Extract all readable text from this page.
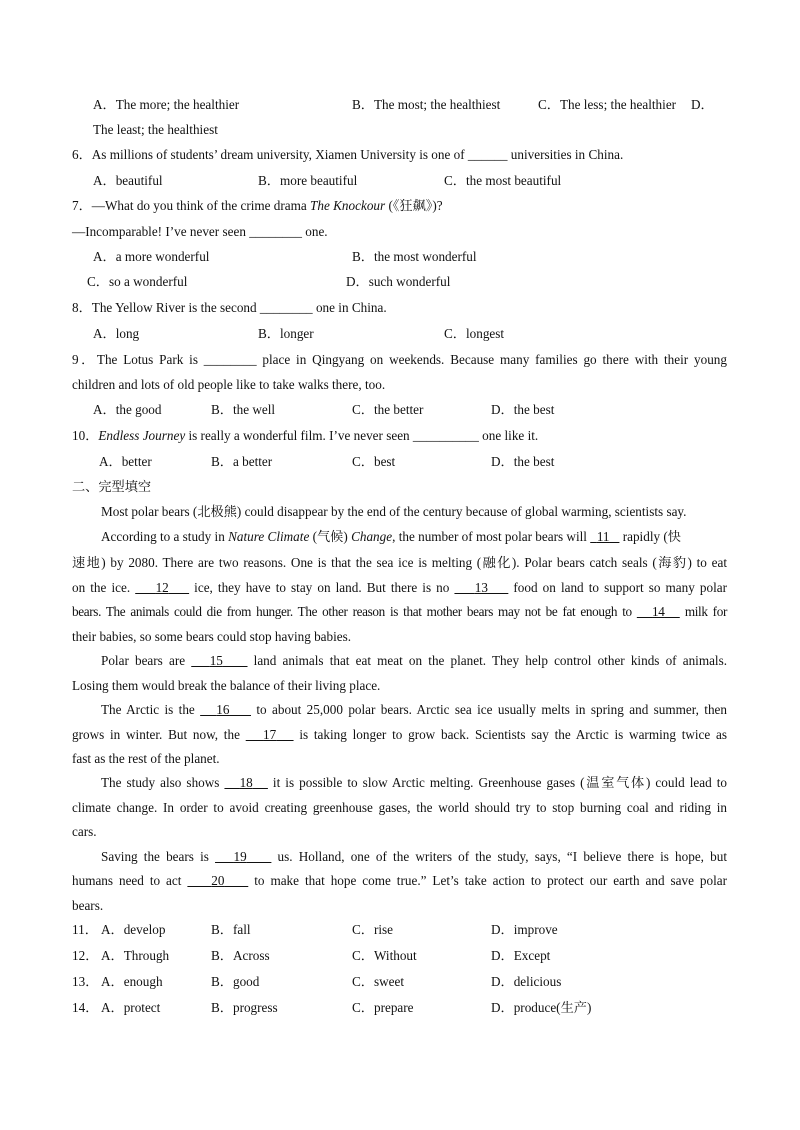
A．The more; the healthier	B．The most; the healthiest	C．The less; the healthier D．
The least; the healthiest
6．As millions of students’ dream university, Xiamen University is one of ______ universities in China.
A．beautiful	B．more beautiful	C．the most beautiful
7．—What do you think of the crime drama The Knockour (《狂飙》)?
—Incomparable! I’ve never seen ________ one.
A．a more wonderful	B．the most wonderful
C．so a wonderful	D．such wonderful
8．The Yellow River is the second ________ one in China.
A．long	B．longer	C．longest
9．The Lotus Park is ________ place in Qingyang on weekends. Because many families go there with their young
children and lots of old people like to take walks there, too.
A．the good	B．the well	C．the better	D．the best
10．Endless Journey is really a wonderful film. I’ve never seen __________ one like it.
A．better	B．a better	C．best	D．the best
二、完型填空
Most polar bears (北极熊) could disappear by the end of the century because of global warming, scientists say.
According to a study in Nature Climate (气候) Change, the number of most polar bears will   11    rapidly (快
速地) by 2080. There are two reasons. One is that the sea ice is melting (融化). Polar bears catch seals (海豹) to eat
on the ice.     12     ice, they have to stay on land. But there is no     13     food on land to support so many polar
bears. The animals could die from hunger. The other reason is that mother bears may not be fat enough to    14    milk for
their babies, so some bears could stop having babies.
Polar bears are    15     land animals that eat meat on the planet. They help control other kinds of animals.
Losing them would break the balance of their living place.
The Arctic is the    16     to about 25,000 polar bears. Arctic sea ice usually melts in spring and summer, then
grows in winter. But now, the    17    is taking longer to grow back. Scientists say the Arctic is warming twice as
fast as the rest of the planet.
The study also shows    18    it is possible to slow Arctic melting. Greenhouse gases (温室气体) could lead to
climate change. In order to avoid creating greenhouse gases, the world should try to stop burning coal and riding in
cars.
Saving the bears is    19     us. Holland, one of the writers of the study, says, “I believe there is hope, but
humans need to act     20     to make that hope come true.” Let’s take action to protect our earth and save polar
bears.
11． A．develop	B．fall	C．rise	D．improve
12． A．Through	B．Across	C．Without	D．Except
13． A．enough	B．good	C．sweet	D．delicious
14． A．protect	B．progress	C．prepare	D．produce(生产)
